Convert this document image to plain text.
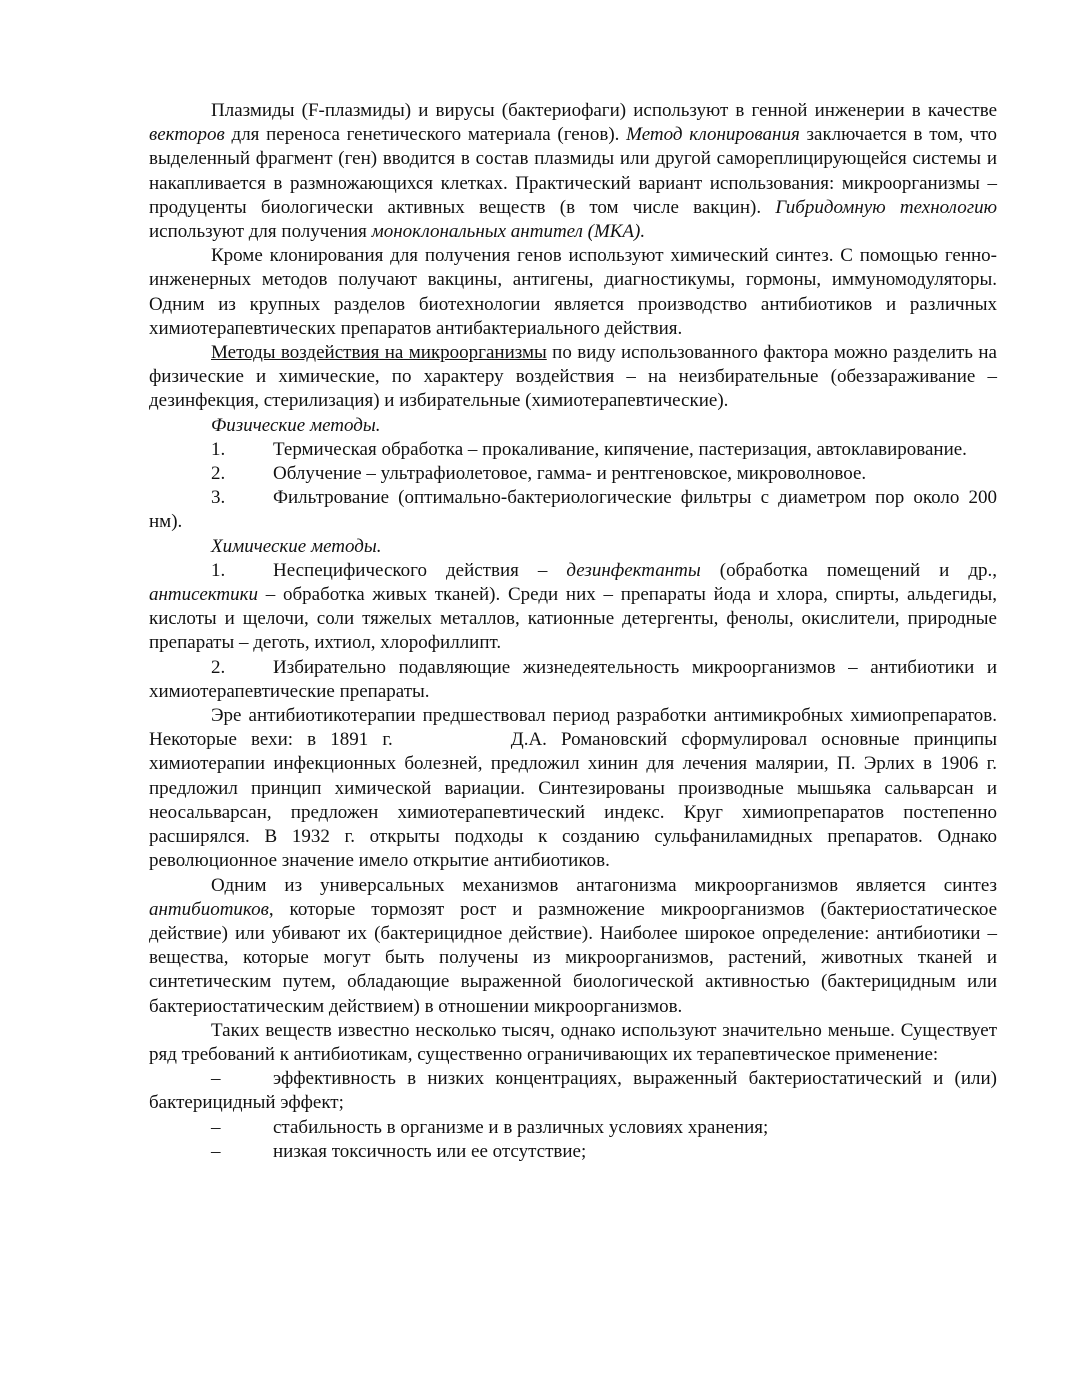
Плазмиды (F-плазмиды) и вирусы (бактериофаги) используют в генной инженерии в качестве векторов для переноса генетического материала (генов). Метод клонирования заключается в том, что выделенный фрагмент (ген) вводится в состав плазмиды или другой самореплицирующейся системы и накапливается в размножающихся клетках. Практический вариант использования: микроорганизмы – продуценты биологически активных веществ (в том числе вакцин). Гибридомную технологию используют для получения моноклональных антител (МКА).

Кроме клонирования для получения генов используют химический синтез. С помощью генно-инженерных методов получают вакцины, антигены, диагностикумы, гормоны, иммуномодуляторы. Одним из крупных разделов биотехнологии является производство антибиотиков и различных химиотерапевтических препаратов антибактериального действия.

Методы воздействия на микроорганизмы по виду использованного фактора можно разделить на физические и химические, по характеру воздействия – на неизбирательные (обеззараживание – дезинфекция, стерилизация) и избирательные (химиотерапевтические).

Физические методы.

1.	Термическая обработка – прокаливание, кипячение, пастеризация, автоклавирование.

2.	Облучение – ультрафиолетовое, гамма- и рентгеновское, микроволновое.

3.	Фильтрование (оптимально-бактериологические фильтры с диаметром пор около 200 нм).

Химические методы.

1.	Неспецифического действия – дезинфектанты (обработка помещений и др., антисектики – обработка живых тканей). Среди них – препараты йода и хлора, спирты, альдегиды, кислоты и щелочи, соли тяжелых металлов, катионные детергенты, фенолы, окислители, природные препараты – деготь, ихтиол, хлорофиллипт.

2.	Избирательно подавляющие жизнедеятельность микроорганизмов – антибиотики и химиотерапевтические препараты.

Эре антибиотикотерапии предшествовал период разработки антимикробных химиопрепаратов. Некоторые вехи: в 1891 г.	Д.А. Романовский сформулировал основные принципы химиотерапии инфекционных болезней, предложил хинин для лечения малярии, П. Эрлих в 1906 г. предложил принцип химической вариации. Синтезированы производные мышьяка сальварсан и неосальварсан, предложен химиотерапевтический индекс. Круг химиопрепаратов постепенно расширялся. В 1932 г. открыты подходы к созданию сульфаниламидных препаратов. Однако революционное значение имело открытие антибиотиков.

Одним из универсальных механизмов антагонизма микроорганизмов является синтез антибиотиков, которые тормозят рост и размножение микроорганизмов (бактериостатическое действие) или убивают их (бактерицидное действие). Наиболее широкое определение: антибиотики – вещества, которые могут быть получены из микроорганизмов, растений, животных тканей и синтетическим путем, обладающие выраженной биологической активностью (бактерицидным или бактериостатическим действием) в отношении микроорганизмов.

Таких веществ известно несколько тысяч, однако используют значительно меньше. Существует ряд требований к антибиотикам, существенно ограничивающих их терапевтическое применение:

–	эффективность в низких концентрациях, выраженный бактериостатический и (или) бактерицидный эффект;

–	стабильность в организме и в различных условиях хранения;

–	низкая токсичность или ее отсутствие;
